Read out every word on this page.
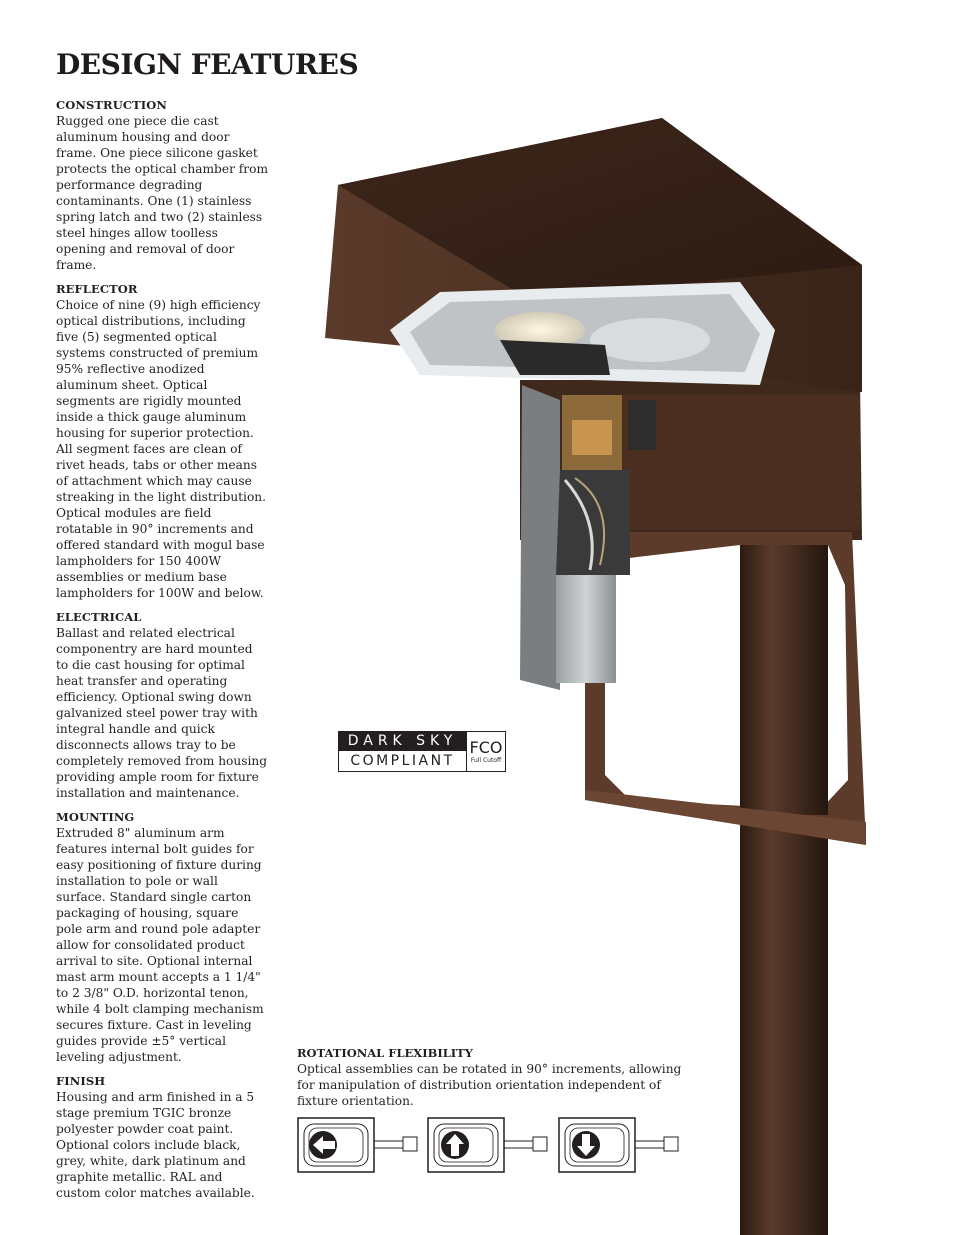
DESIGN FEATURES
CONSTRUCTION

Rugged one piece die cast aluminum housing and door frame. One piece silicone gasket protects the optical chamber from performance degrading contaminants. One (1) stainless spring latch and two (2) stainless steel hinges allow toolless opening and removal of door frame.

REFLECTOR

Choice of nine (9) high efficiency optical distributions, including five (5) segmented optical systems constructed of premium 95% reflective anodized aluminum sheet. Optical segments are rigidly mounted inside a thick gauge aluminum housing for superior protection. All segment faces are clean of rivet heads, tabs or other means of attachment which may cause streaking in the light distribution. Optical modules are field rotatable in 90° increments and offered standard with mogul base lampholders for 150 400W assemblies or medium base lampholders for 100W and below.

ELECTRICAL

Ballast and related electrical componentry are hard mounted to die cast housing for optimal heat transfer and operating efficiency. Optional swing down galvanized steel power tray with integral handle and quick disconnects allows tray to be completely removed from housing providing ample room for fixture installation and maintenance.

MOUNTING

Extruded 8" aluminum arm features internal bolt guides for easy positioning of fixture during installation to pole or wall surface. Standard single carton packaging of housing, square pole arm and round pole adapter allow for consolidated product arrival to site. Optional internal mast arm mount accepts a 1 1/4" to 2 3/8" O.D. horizontal tenon, while 4 bolt clamping mechanism secures fixture. Cast in leveling guides provide ±5° vertical leveling adjustment.

FINISH

Housing and arm finished in a 5 stage premium TGIC bronze polyester powder coat paint. Optional colors include black, grey, white, dark platinum and graphite metallic. RAL and custom color matches available.

DARK SKY
COMPLIANT
FCO
Full Cutoff
ROTATIONAL FLEXIBILITY

Optical assemblies can be rotated in 90° increments, allowing for manipulation of distribution orientation independent of fixture orientation.
